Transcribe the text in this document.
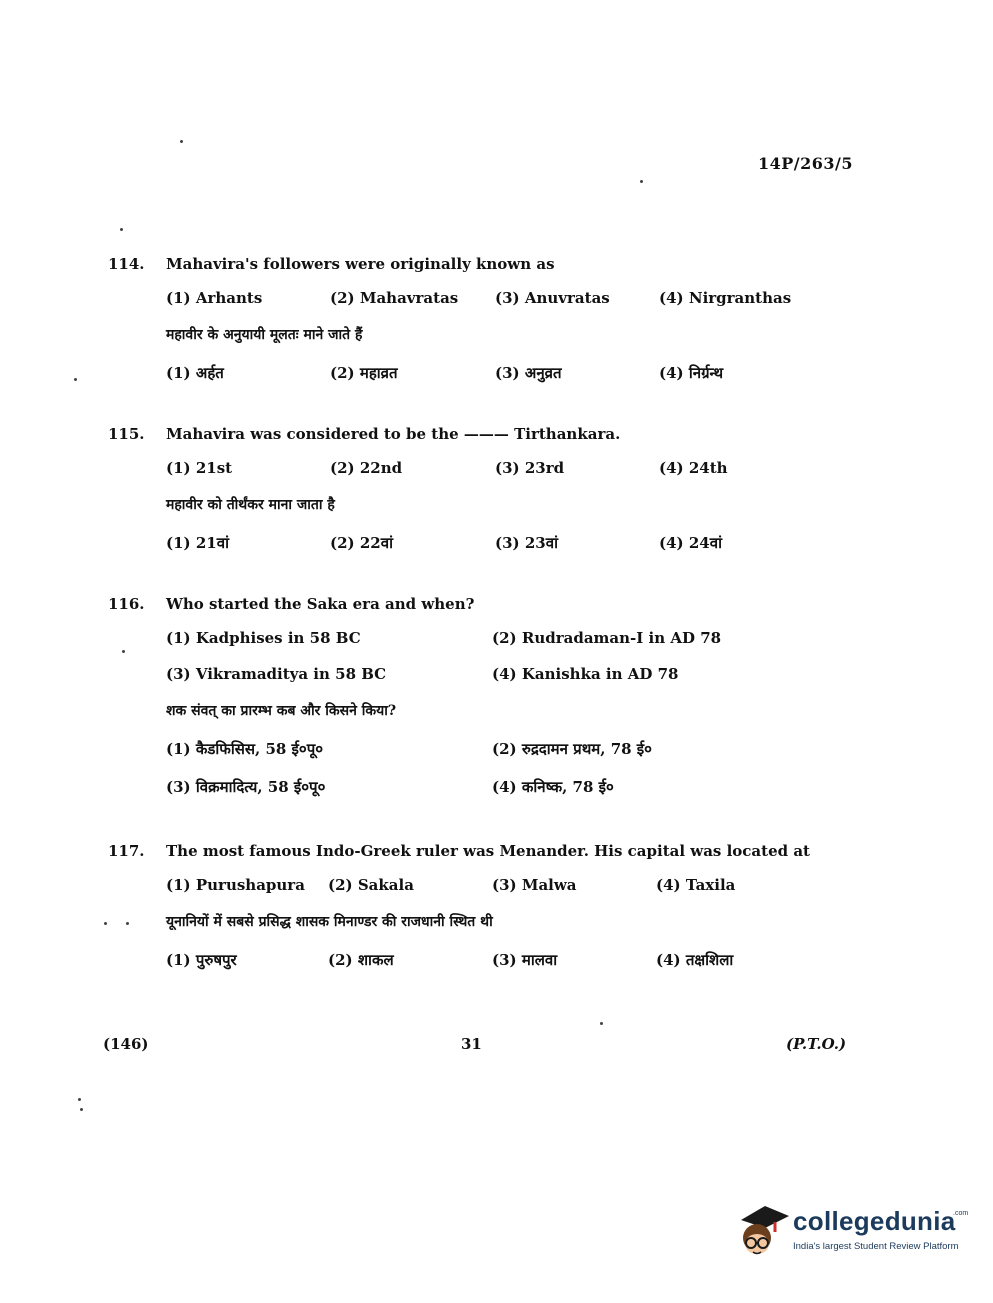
14P/263/5
114.	Mahavira's followers were originally known as
(1) Arhants	(2) Mahavratas (3) Anuvratas	(4) Nirgranthas
महावीर के अनुयायी मूलतः माने जाते हैं
(1) अर्हत	(2) महाव्रत	(3) अनुव्रत	(4) निर्ग्रन्थ
115.	Mahavira was considered to be the ——— Tirthankara.
(1) 21st	(2) 22nd	(3) 23rd	(4) 24th
महावीर को तीर्थंकर माना जाता है
(1) 21वां	(2) 22वां	(3) 23वां	(4) 24वां
116.	Who started the Saka era and when?
(1) Kadphises in 58 BC	(2) Rudradaman-I in AD 78
(3) Vikramaditya in 58 BC	(4) Kanishka in AD 78
शक संवत् का प्रारम्भ कब और किसने किया?
(1) कैडफिसिस, 58 ई०पू०	(2) रुद्रदामन प्रथम, 78 ई०
(3) विक्रमादित्य, 58 ई०पू०	(4) कनिष्क, 78 ई०
117.	The most famous Indo-Greek ruler was Menander. His capital was located at
(1) Purushapura (2) Sakala	(3) Malwa	(4) Taxila
यूनानियों में सबसे प्रसिद्ध शासक मिनाण्डर की राजधानी स्थित थी
(1) पुरुषपुर	(2) शाकल	(3) मालवा	(4) तक्षशिला
(146)	31	(P.T.O.)
collegedunia
.com
India's largest Student Review Platform
